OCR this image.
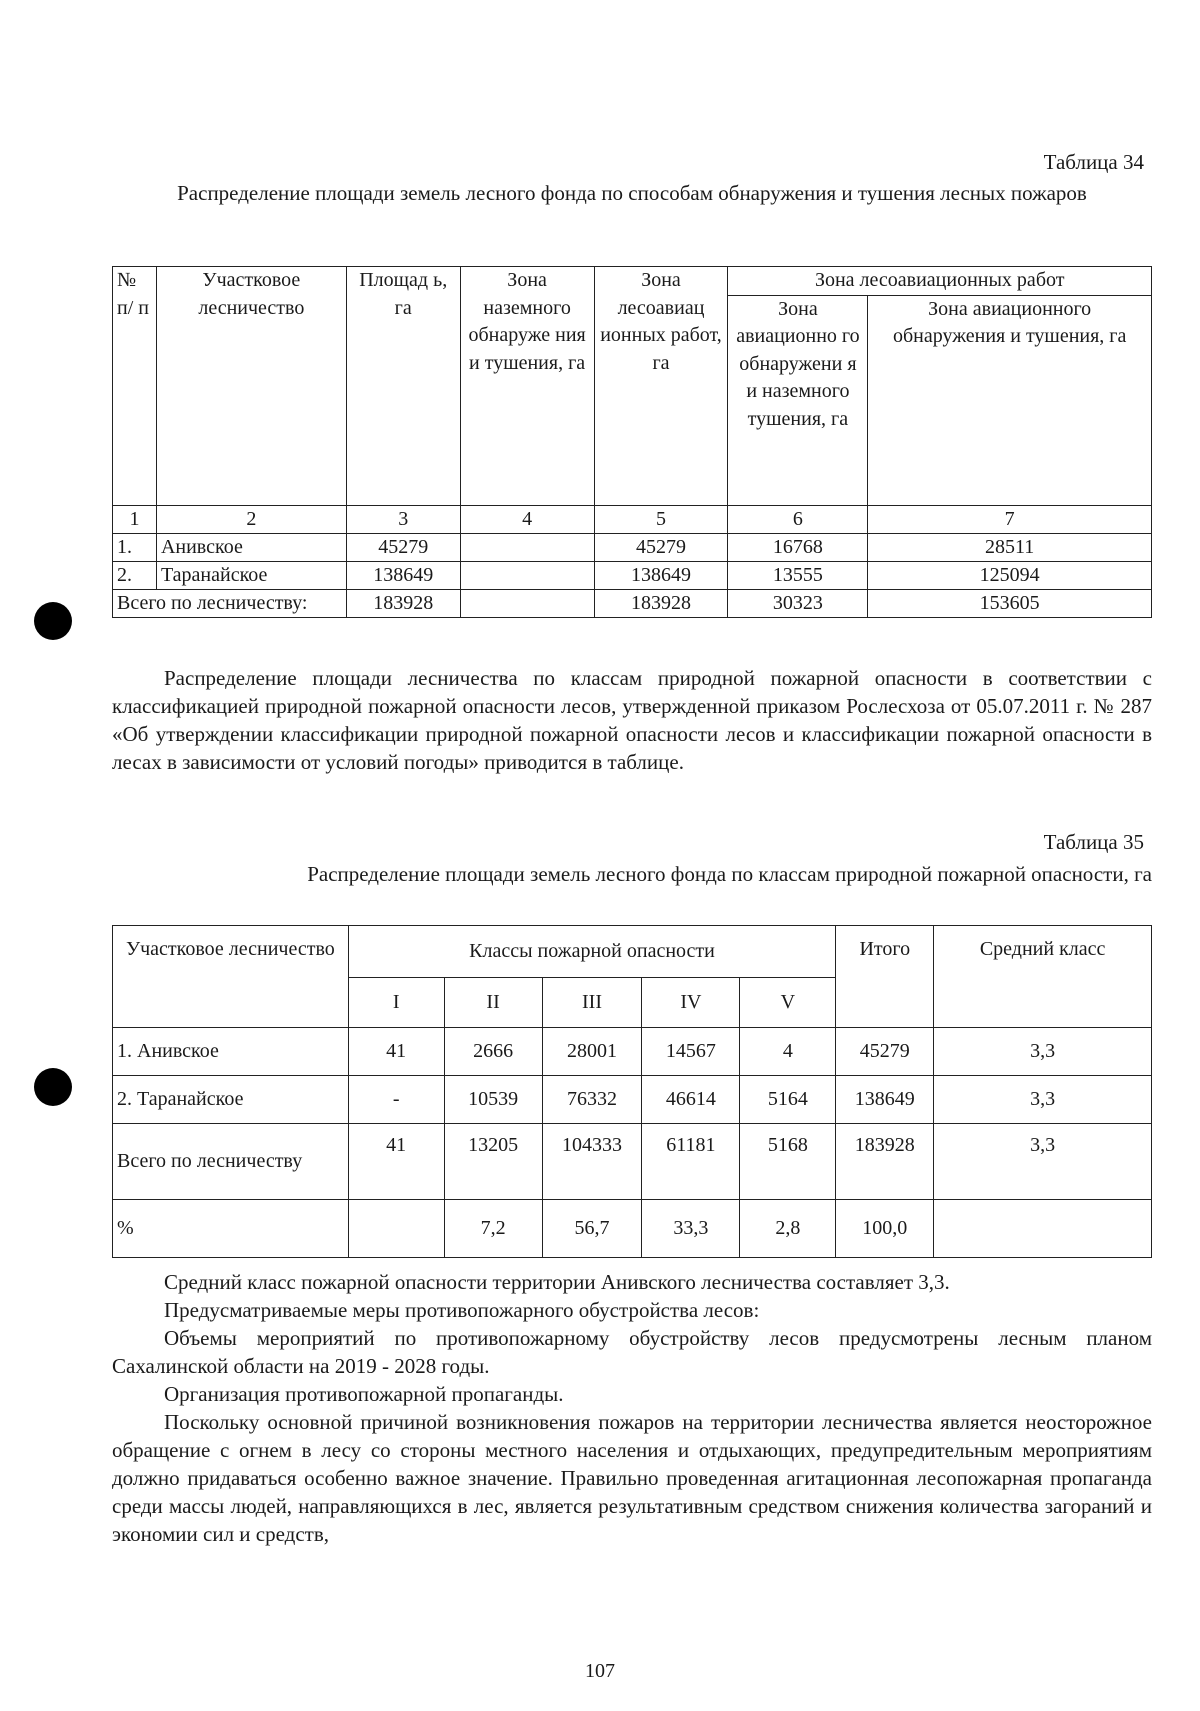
Таблица 34
Распределение площади земель лесного фонда по способам обнаружения и тушения лесных пожаров
№ п/ п	Участковое лесничество	Площад ь, га	Зона наземного обнаруже ния и тушения, га	Зона лесоавиац ионных работ, га	Зона лесоавиационных работ	
					Зона авиационно го обнаружени я и наземного тушения, га	Зона авиационного обнаружения и тушения, га
1	2	3	4	5	6	7
1.	Анивское	45279		45279	16768	28511
2.	Таранайское	138649		138649	13555	125094
Всего по лесничеству:		183928		183928	30323	153605

Распределение площади лесничества по классам природной пожарной опасности в соответствии с классификацией природной пожарной опасности лесов, утвержденной приказом Рослесхоза от 05.07.2011 г. № 287 «Об утверждении классификации природной пожарной опасности лесов и классификации пожарной опасности в лесах в зависимости от условий погоды» приводится в таблице.

Таблица 35
Распределение площади земель лесного фонда по классам природной пожарной опасности, га
Участковое лесничество	Классы пожарной опасности					Итого	Средний класс
	I	II	III	IV	V		
1. Анивское	41	2666	28001	14567	4	45279	3,3
2. Таранайское	-	10539	76332	46614	5164	138649	3,3
Всего по лесничеству	41	13205	104333	61181	5168	183928	3,3
%		7,2	56,7	33,3	2,8	100,0	

Средний класс пожарной опасности территории Анивского лесничества составляет 3,3.

Предусматриваемые меры противопожарного обустройства лесов:

Объемы мероприятий по противопожарному обустройству лесов предусмотрены лесным планом Сахалинской области на 2019 - 2028 годы.

Организация противопожарной пропаганды.

Поскольку основной причиной возникновения пожаров на территории лесничества является неосторожное обращение с огнем в лесу со стороны местного населения и отдыхающих, предупредительным мероприятиям должно придаваться особенно важное значение. Правильно проведенная агитационная лесопожарная пропаганда среди массы людей, направляющихся в лес, является результативным средством снижения количества загораний и экономии сил и средств,

107
